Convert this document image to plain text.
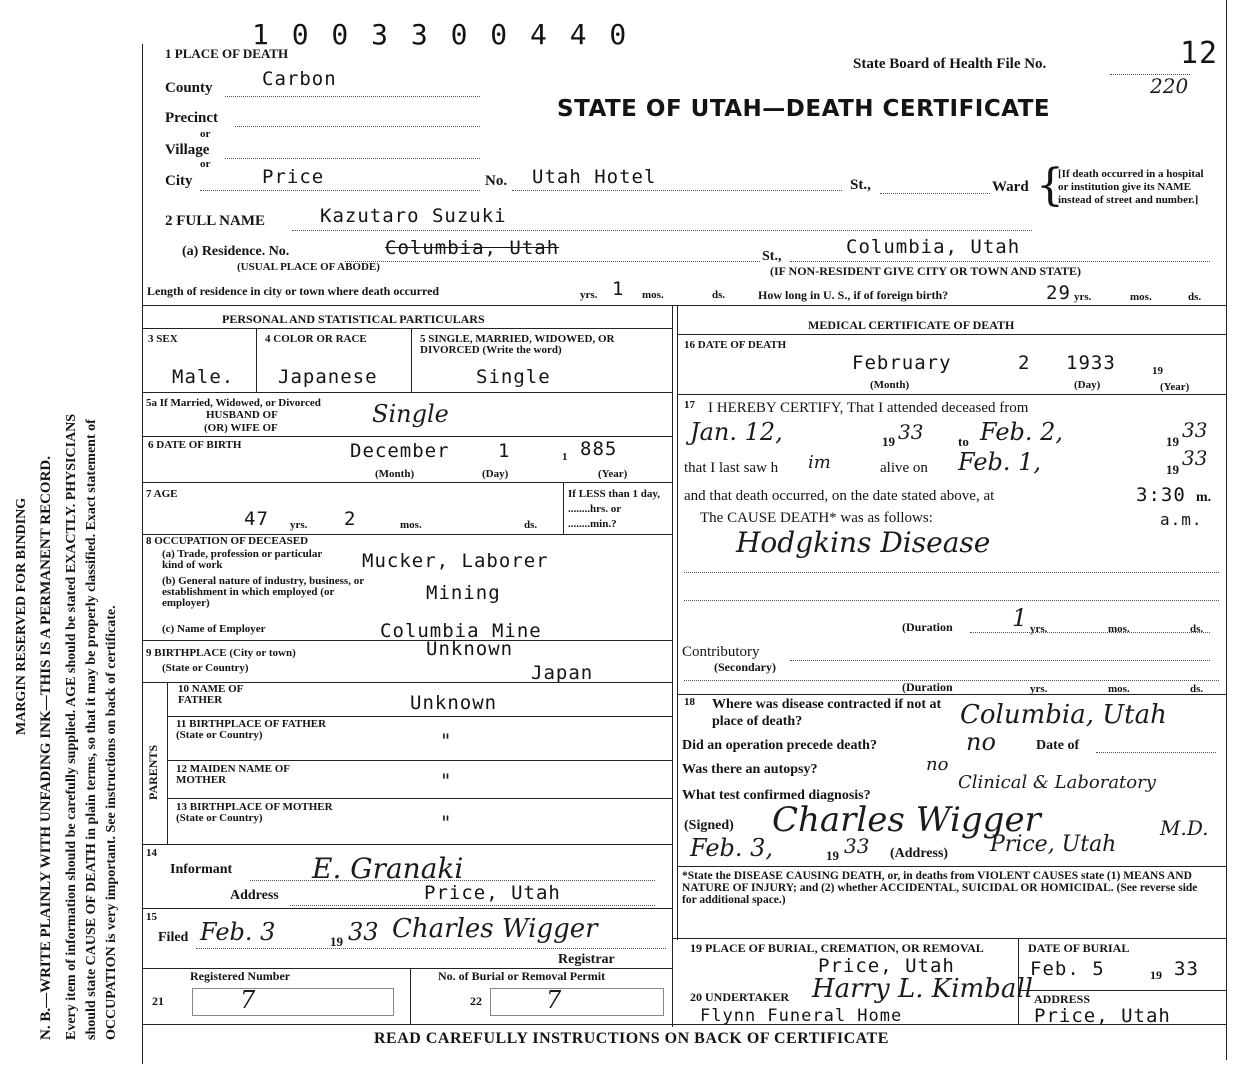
MARGIN RESERVED FOR BINDING N. B.—WRITE PLAINLY WITH UNFADING INK—THIS IS A PERMANENT RECORD. Every item of information should be carefully supplied. AGE should be stated EXACTLY. PHYSICIANS should state CAUSE OF DEATH in plain terms, so that it may be properly classified. Exact statement of OCCUPATION is very important. See instructions on back of certificate.
1 0 0 3 3 0 0 4 4 0
1 PLACE OF DEATH
State Board of Health File No.	12
220
STATE OF UTAH—DEATH CERTIFICATE
County	Carbon
Precinct
or
Village
or
City	Price	No. Utah Hotel	St.,	Ward {
[If death occurred in a hospital or institution give its NAME instead of street and number.]
2 FULL NAME	Kazutaro Suzuki
(a) Residence. No.
(USUAL PLACE OF ABODE)
Columbia, Utah	St.,	Columbia, Utah
(IF NON-RESIDENT GIVE CITY OR TOWN AND STATE)
Length of residence in city or town where death occurred	yrs. 1 mos.	ds.	How long in U. S., if of foreign birth?	29 yrs.	mos.	ds.
PERSONAL AND STATISTICAL PARTICULARS	MEDICAL CERTIFICATE OF DEATH
3 SEX
Male.
4 COLOR OR RACE
Japanese
5 SINGLE, MARRIED, WIDOWED, OR DIVORCED (Write the word)
Single
5a If Married, Widowed, or Divorced
HUSBAND OF
(OR) WIFE OF	Single
6 DATE OF BIRTH	December	1	1 885
(Month)	(Day)	(Year)
7 AGE
47 yrs. 2	mos.	ds.
If LESS than 1 day, ........hrs. or ........min.?
8 OCCUPATION OF DECEASED
(a) Trade, profession or particular kind of work	Mucker, Laborer
(b) General nature of industry, business, or establishment in which employed (or employer)	Mining
(c) Name of Employer	Columbia Mine
9 BIRTHPLACE (City or town)
(State or Country)
Unknown
Japan
PARENTS
10 NAME OF FATHER	Unknown
11 BIRTHPLACE OF FATHER (State or Country)	"
12 MAIDEN NAME OF MOTHER	"
13 BIRTHPLACE OF MOTHER (State or Country)	"
14
Informant	E. Granaki
Address	Price, Utah
15
Filed Feb. 3	19 33 Charles Wigger
Registrar
Registered Number
21	7
No. of Burial or Removal Permit
22	7
16 DATE OF DEATH
February	2 1933	19
(Month)	(Day)	(Year)
17 I HEREBY CERTIFY, That I attended deceased from
Jan. 12,	19 33	to Feb. 2,	19 33
that I last saw h im	alive on Feb. 1,	19 33
and that death occurred, on the date stated above, at	3:30 m.
The CAUSE DEATH* was as follows:	a.m.
Hodgkins Disease
(Duration 1 yrs.	mos.	ds.
Contributory
(Secondary)
(Duration	yrs.	mos.	ds.
18 Where was disease contracted if not at place of death?	Columbia, Utah
Did an operation precede death?	no	Date of
Was there an autopsy?	no
What test confirmed diagnosis?
Clinical & Laboratory
(Signed) Charles Wigger	M.D.
Feb. 3,	19 33 (Address) Price, Utah
*State the DISEASE CAUSING DEATH, or, in deaths from VIOLENT CAUSES state (1) MEANS AND NATURE OF INJURY; and (2) whether ACCIDENTAL, SUICIDAL OR HOMICIDAL. (See reverse side for additional space.)
19 PLACE OF BURIAL, CREMATION, OR REMOVAL
Price, Utah
DATE OF BURIAL
Feb. 5	19 33
20 UNDERTAKER Harry L. Kimball
Flynn Funeral Home
ADDRESS
Price, Utah
READ CAREFULLY INSTRUCTIONS ON BACK OF CERTIFICATE
